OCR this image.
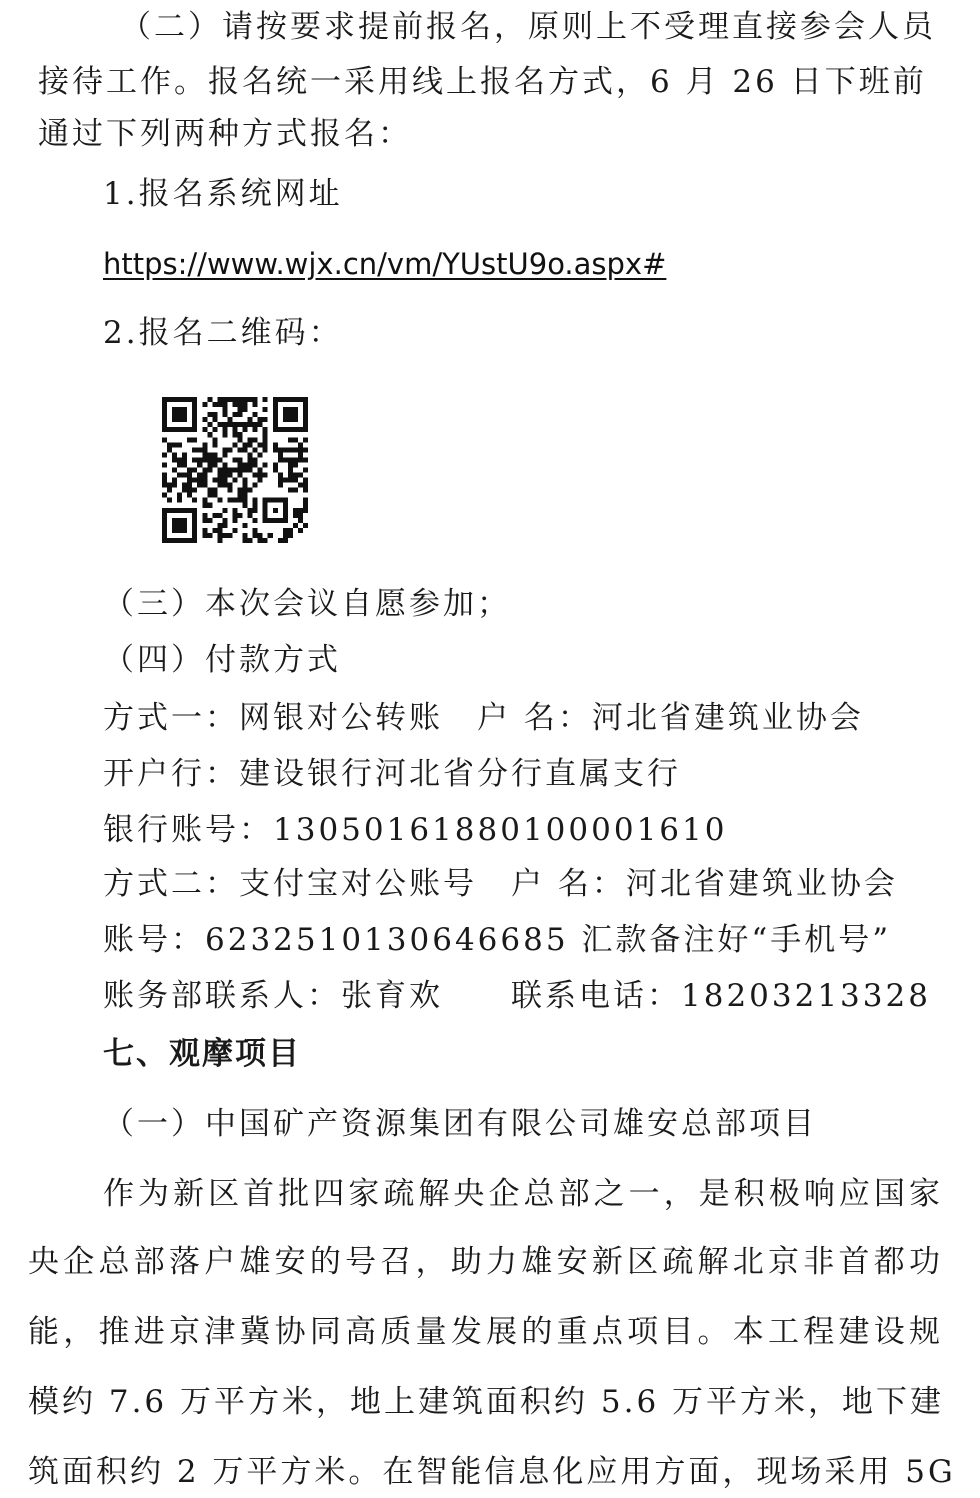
（二）请按要求提前报名，原则上不受理直接参会人员
接待工作。报名统一采用线上报名方式，6 月 26 日下班前
通过下列两种方式报名：
1.报名系统网址
https://www.wjx.cn/vm/YUstU9o.aspx#
2.报名二维码：
（三）本次会议自愿参加；
（四）付款方式
方式一：网银对公转账　户 名：河北省建筑业协会
开户行：建设银行河北省分行直属支行
银行账号：13050161880100001610
方式二：支付宝对公账号　户 名：河北省建筑业协会
账号：6232510130646685 汇款备注好“手机号”
账务部联系人：张育欢　　联系电话：18203213328
七、观摩项目
（一）中国矿产资源集团有限公司雄安总部项目
作为新区首批四家疏解央企总部之一，是积极响应国家
央企总部落户雄安的号召，助力雄安新区疏解北京非首都功
能，推进京津冀协同高质量发展的重点项目。本工程建设规
模约 7.6 万平方米，地上建筑面积约 5.6 万平方米，地下建
筑面积约 2 万平方米。在智能信息化应用方面，现场采用 5G
